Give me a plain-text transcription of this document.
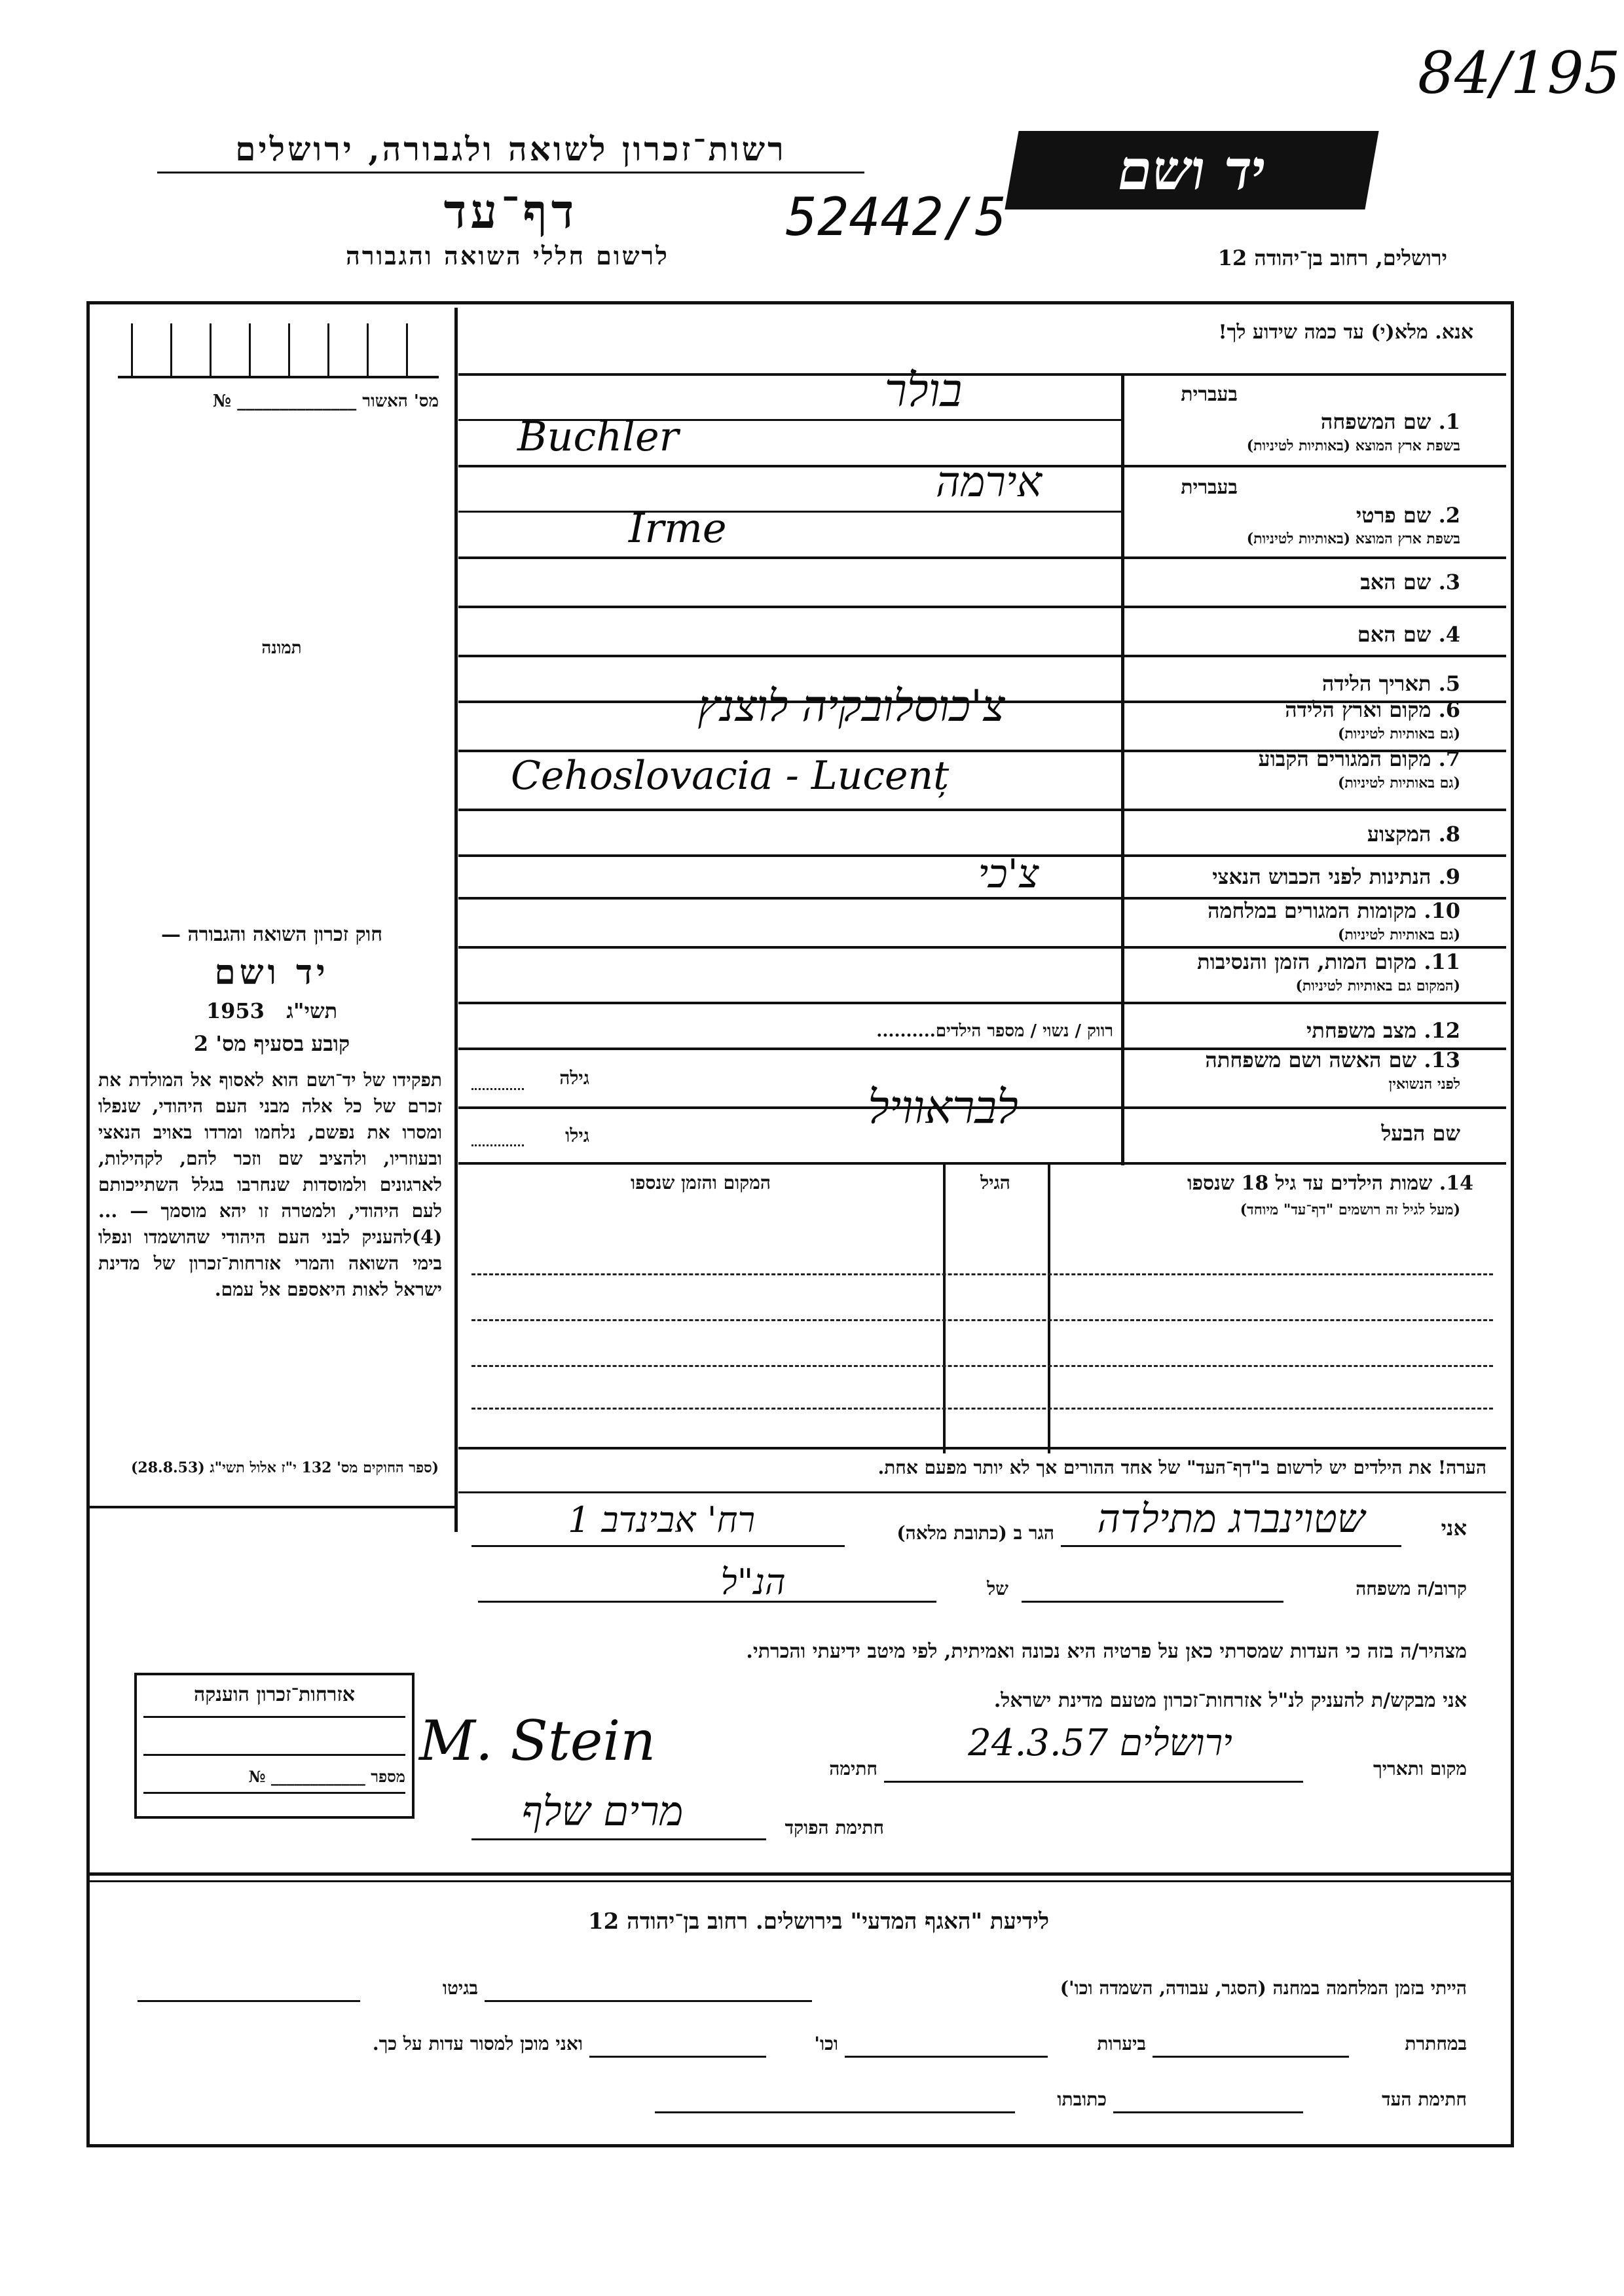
84/195
יד ושם
רשות־זכרון לשואה ולגבורה, ירושלים
דף־עד	52442/5
לרשום חללי השואה והגבורה	ירושלים, רחוב בן־יהודה 12
מס' האשור ______________ №
תמונה
אנא. מלא(י) עד כמה שידוע לך!
בעברית
1. שם המשפחה
בשפת ארץ המוצא (באותיות לטיניות)
בולר
Buchler
בעברית
2. שם פרטי
בשפת ארץ המוצא (באותיות לטיניות)
אירמה
Irme
3. שם האב
4. שם האם
5. תאריך הלידה
6. מקום וארץ הלידה
(גם באותיות לטיניות)
צ'כוסלובקיה לוצנץ
7. מקום המגורים הקבוע
(גם באותיות לטיניות)
Cehoslovacia - Lucenț
8. המקצוע
9. הנתינות לפני הכבוש הנאצי
צ'כי
10. מקומות המגורים במלחמה
(גם באותיות לטיניות)
11. מקום המות, הזמן והנסיבות
(המקום גם באותיות לטיניות)
12. מצב משפחתי
רווק / נשוי / מספר הילדים..........
13. שם האשה ושם משפחתה
לפני הנשואין
גילה
שם הבעל
לבראוויל
גילו
14. שמות הילדים עד גיל 18 שנספו
(מעל לגיל זה רושמים "דף־עד" מיוחד)
הגיל
המקום והזמן שנספו
הערה! את הילדים יש לרשום ב"דף־העד" של אחד ההורים אך לא יותר מפעם אחת.
חוק זכרון השואה והגבורה —
יד ושם
תשי"ג   1953
קובע בסעיף מס' 2
תפקידו של יד־ושם הוא לאסוף אל המולדת את זכרם של כל אלה מבני העם היהודי, שנפלו ומסרו את נפשם, נלחמו ומרדו באויב הנאצי ובעוזריו, ולהציב שם וזכר להם, לקהילות, לארגונים ולמוסדות שנחרבו בגלל השתייכותם לעם היהודי, ולמטרה זו יהא מוסמך — ...(4)להעניק לבני העם היהודי שהושמדו ונפלו בימי השואה והמרי אזרחות־זכרון של מדינת ישראל לאות היאספם אל עמם.
(ספר החוקים מס' 132 י"ז אלול תשי"ג (28.8.53)
אני
שטוינברג מתילדה
הגר ב (כתובת מלאה)
רח' אבינדב 1
קרוב/ה משפחה
של
הנ"ל
מצהיר/ה בזה כי העדות שמסרתי כאן על פרטיה היא נכונה ואמיתית, לפי מיטב ידיעתי והכרתי.
אני מבקש/ת להעניק לנ"ל אזרחות־זכרון מטעם מדינת ישראל.
מקום ותאריך
ירושלים 24.3.57
חתימה
M. Stein
חתימת הפוקד
מרים שלף
אזרחות־זכרון הוענקה
מספר ____________ №
לידיעת "האגף המדעי" בירושלים. רחוב בן־יהודה 12
הייתי בזמן המלחמה במחנה (הסגר, עבודה, השמדה וכו')
בגיטו
במחתרת
ביערות
וכו'
ואני מוכן למסור עדות על כך.
חתימת העד
כתובתו
